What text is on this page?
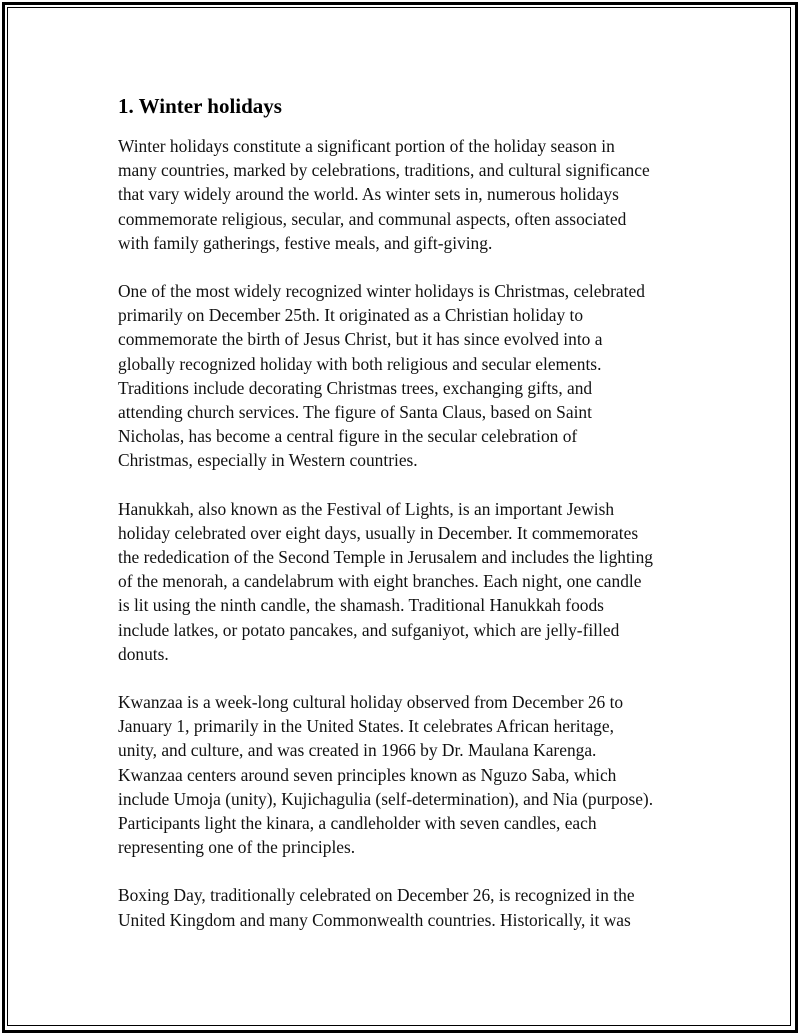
1. Winter holidays

Winter holidays constitute a significant portion of the holiday season in
many countries, marked by celebrations, traditions, and cultural significance
that vary widely around the world. As winter sets in, numerous holidays
commemorate religious, secular, and communal aspects, often associated
with family gatherings, festive meals, and gift-giving.

One of the most widely recognized winter holidays is Christmas, celebrated
primarily on December 25th. It originated as a Christian holiday to
commemorate the birth of Jesus Christ, but it has since evolved into a
globally recognized holiday with both religious and secular elements.
Traditions include decorating Christmas trees, exchanging gifts, and
attending church services. The figure of Santa Claus, based on Saint
Nicholas, has become a central figure in the secular celebration of
Christmas, especially in Western countries.

Hanukkah, also known as the Festival of Lights, is an important Jewish
holiday celebrated over eight days, usually in December. It commemorates
the rededication of the Second Temple in Jerusalem and includes the lighting
of the menorah, a candelabrum with eight branches. Each night, one candle
is lit using the ninth candle, the shamash. Traditional Hanukkah foods
include latkes, or potato pancakes, and sufganiyot, which are jelly-filled
donuts.

Kwanzaa is a week-long cultural holiday observed from December 26 to
January 1, primarily in the United States. It celebrates African heritage,
unity, and culture, and was created in 1966 by Dr. Maulana Karenga.
Kwanzaa centers around seven principles known as Nguzo Saba, which
include Umoja (unity), Kujichagulia (self-determination), and Nia (purpose).
Participants light the kinara, a candleholder with seven candles, each
representing one of the principles.

Boxing Day, traditionally celebrated on December 26, is recognized in the
United Kingdom and many Commonwealth countries. Historically, it was
